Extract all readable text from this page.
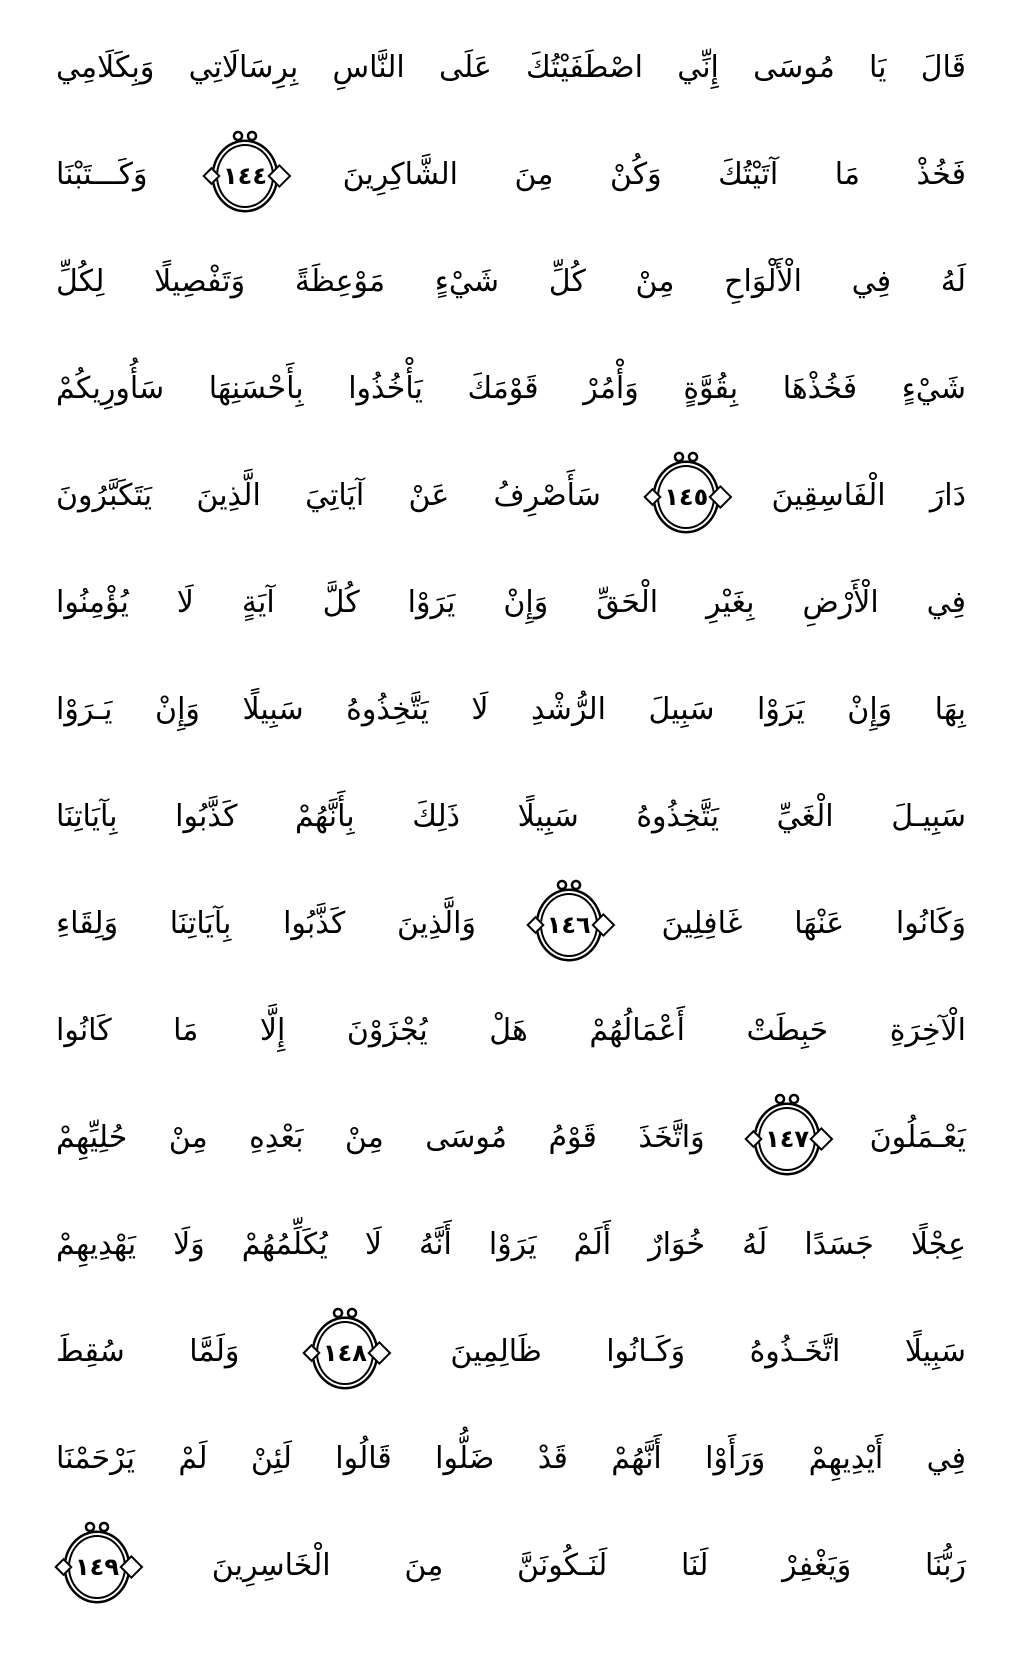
قَالَ يَا مُوسَى إِنِّي اصْطَفَيْتُكَ عَلَى النَّاسِ بِرِسَالَاتِي وَبِكَلَامِي
فَخُذْ مَا آتَيْتُكَ وَكُنْ مِنَ الشَّاكِرِينَ
١٤٤
وَكَـــتَبْنَا
لَهُ فِي الْأَلْوَاحِ مِنْ كُلِّ شَيْءٍ مَوْعِظَةً وَتَفْصِيلًا لِكُلِّ
شَيْءٍ فَخُذْهَا بِقُوَّةٍ وَأْمُرْ قَوْمَكَ يَأْخُذُوا بِأَحْسَنِهَا سَأُورِيكُمْ
دَارَ الْفَاسِقِينَ
١٤٥
سَأَصْرِفُ عَنْ آيَاتِيَ الَّذِينَ يَتَكَبَّرُونَ
فِي الْأَرْضِ بِغَيْرِ الْحَقِّ وَإِنْ يَرَوْا كُلَّ آيَةٍ لَا يُؤْمِنُوا
بِهَا وَإِنْ يَرَوْا سَبِيلَ الرُّشْدِ لَا يَتَّخِذُوهُ سَبِيلًا وَإِنْ يَـرَوْا
سَبِيـلَ الْغَيِّ يَتَّخِذُوهُ سَبِيلًا ذَلِكَ بِأَنَّهُمْ كَذَّبُوا بِآيَاتِنَا
وَكَانُوا عَنْهَا غَافِلِينَ
١٤٦
وَالَّذِينَ كَذَّبُوا بِآيَاتِنَا وَلِقَاءِ
الْآخِرَةِ حَبِطَتْ أَعْمَالُهُمْ هَلْ يُجْزَوْنَ إِلَّا مَا كَانُوا
يَعْـمَلُونَ
١٤٧
وَاتَّخَذَ قَوْمُ مُوسَى مِنْ بَعْدِهِ مِنْ حُلِيِّهِمْ
عِجْلًا جَسَدًا لَهُ خُوَارٌ أَلَمْ يَرَوْا أَنَّهُ لَا يُكَلِّمُهُمْ وَلَا يَهْدِيهِمْ
سَبِيلًا اتَّخَـذُوهُ وَكَـانُوا ظَالِمِينَ
١٤٨
وَلَمَّا سُقِطَ
فِي أَيْدِيهِمْ وَرَأَوْا أَنَّهُمْ قَدْ ضَلُّوا قَالُوا لَئِنْ لَمْ يَرْحَمْنَا
رَبُّنَا وَيَغْفِرْ لَنَا لَنَـكُونَنَّ مِنَ الْخَاسِرِينَ
١٤٩
